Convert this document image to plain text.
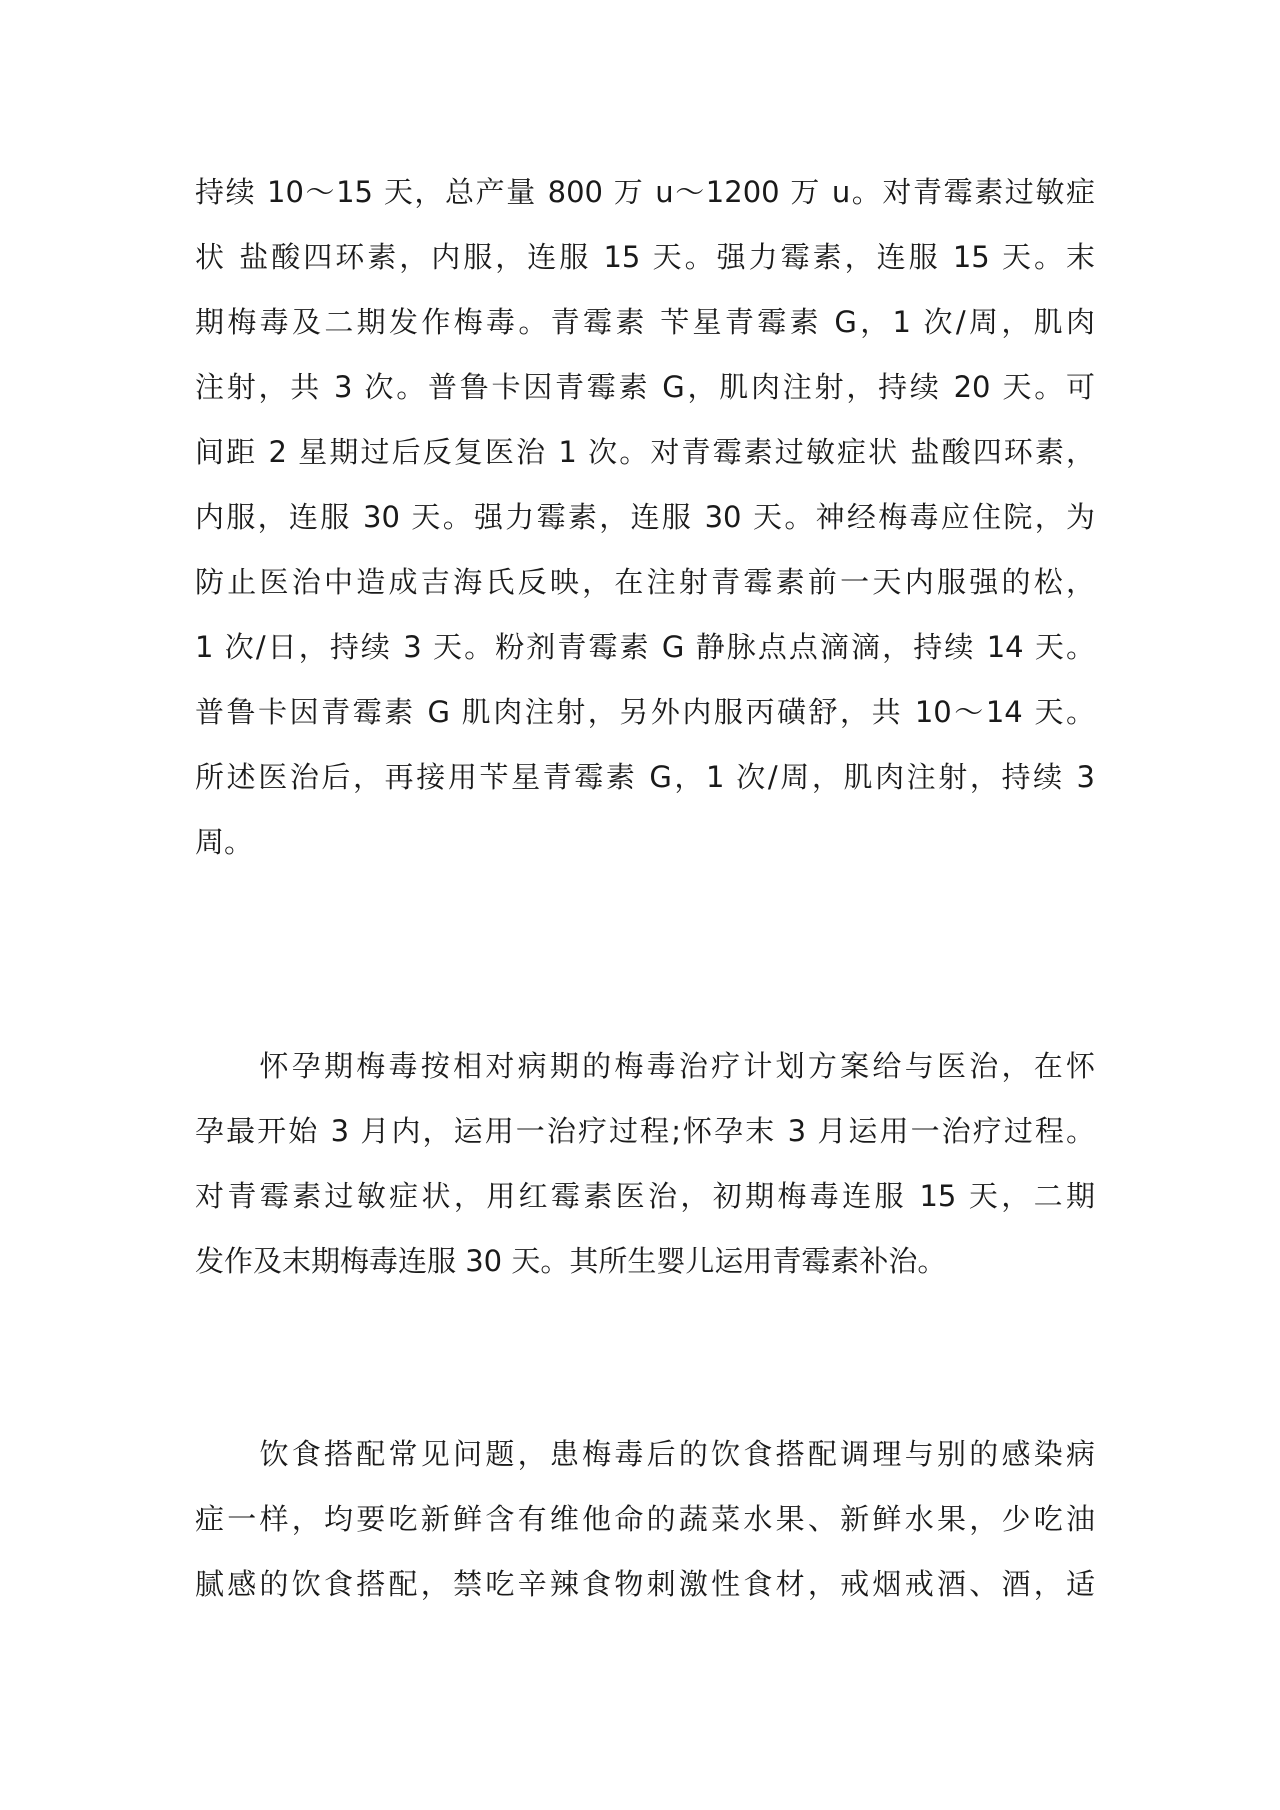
持续 10～15 天，总产量 800 万 u～1200 万 u。对青霉素过敏症
状 盐酸四环素，内服，连服 15 天。强力霉素，连服 15 天。末
期梅毒及二期发作梅毒。青霉素 苄星青霉素 G，1 次/周，肌肉
注射，共 3 次。普鲁卡因青霉素 G，肌肉注射，持续 20 天。可
间距 2 星期过后反复医治 1 次。对青霉素过敏症状 盐酸四环素，
内服，连服 30 天。强力霉素，连服 30 天。神经梅毒应住院，为
防止医治中造成吉海氏反映，在注射青霉素前一天内服强的松，
1 次/日，持续 3 天。粉剂青霉素 G 静脉点点滴滴，持续 14 天。
普鲁卡因青霉素 G 肌肉注射，另外内服丙磺舒，共 10～14 天。
所述医治后，再接用苄星青霉素 G，1 次/周，肌肉注射，持续 3
周。
　　怀孕期梅毒按相对病期的梅毒治疗计划方案给与医治，在怀
孕最开始 3 月内，运用一治疗过程;怀孕末 3 月运用一治疗过程。
对青霉素过敏症状，用红霉素医治，初期梅毒连服 15 天，二期
发作及末期梅毒连服 30 天。其所生婴儿运用青霉素补治。
　　饮食搭配常见问题，患梅毒后的饮食搭配调理与别的感染病
症一样，均要吃新鲜含有维他命的蔬菜水果、新鲜水果，少吃油
腻感的饮食搭配，禁吃辛辣食物刺激性食材，戒烟戒酒、酒，适
